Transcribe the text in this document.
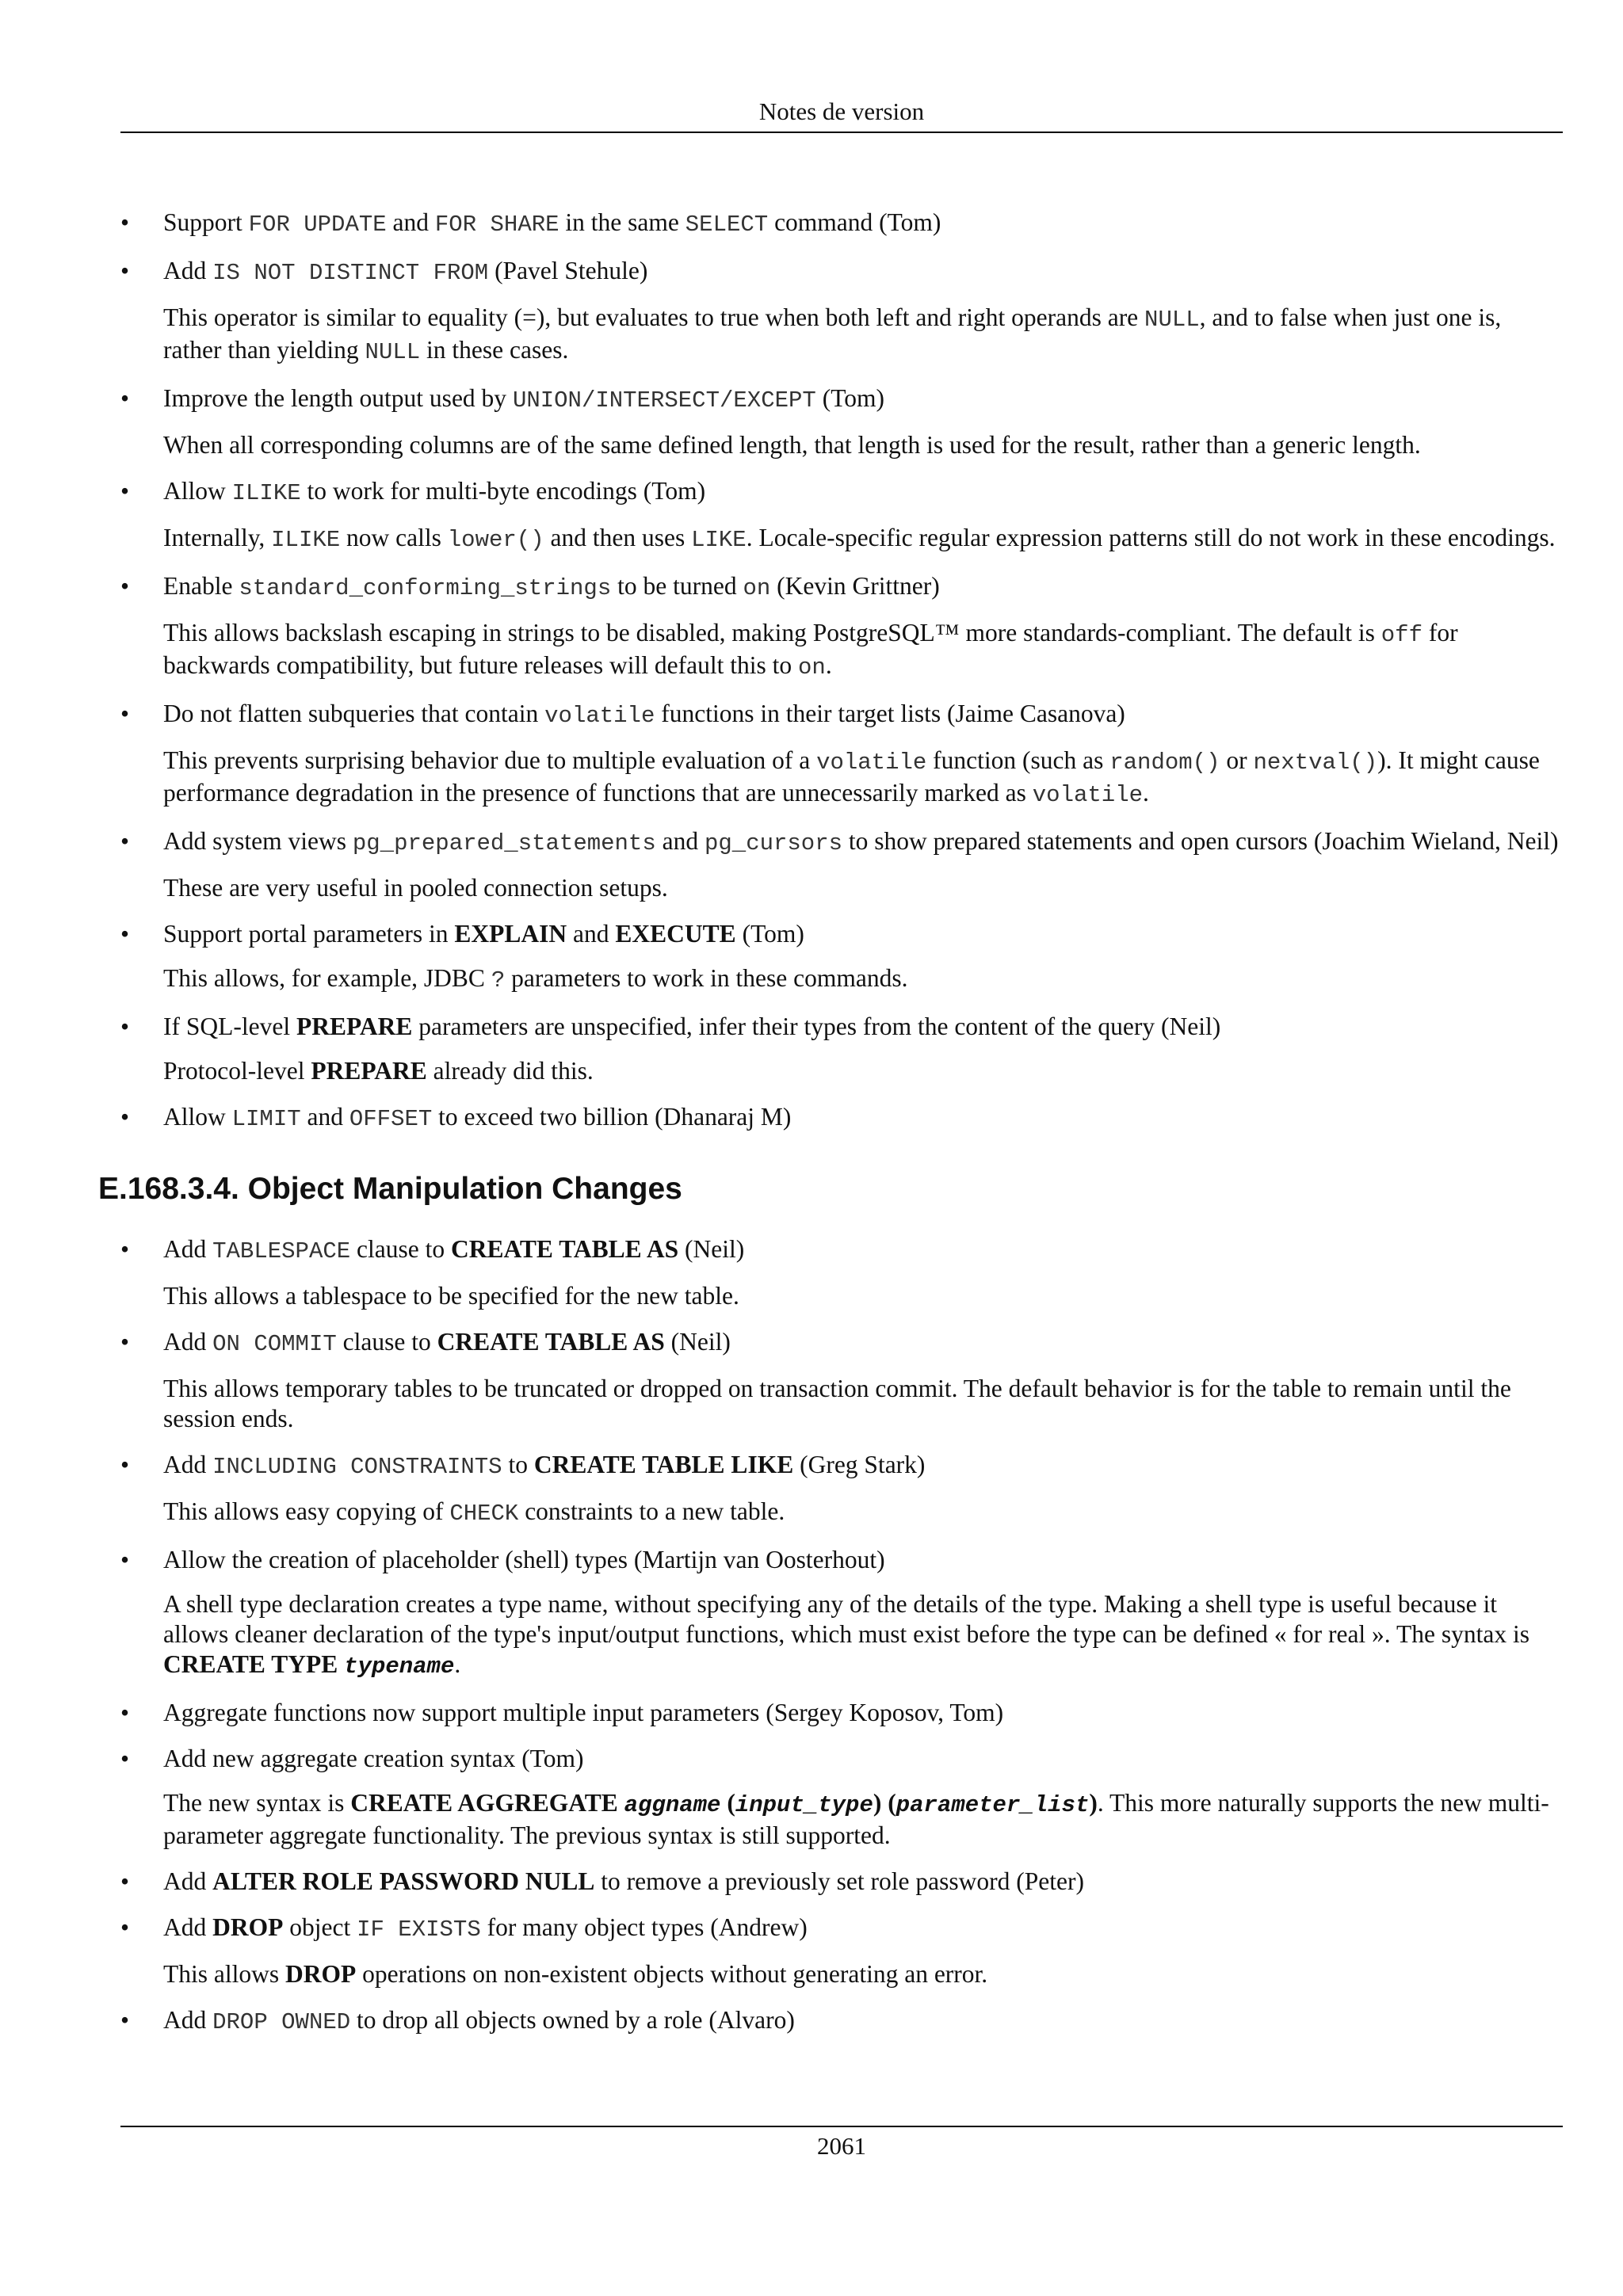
Notes de version
• Support FOR UPDATE and FOR SHARE in the same SELECT command (Tom)
• Add IS NOT DISTINCT FROM (Pavel Stehule)
This operator is similar to equality (=), but evaluates to true when both left and right operands are NULL, and to false when just one is, rather than yielding NULL in these cases.
• Improve the length output used by UNION/INTERSECT/EXCEPT (Tom)
When all corresponding columns are of the same defined length, that length is used for the result, rather than a generic length.
• Allow ILIKE to work for multi-byte encodings (Tom)
Internally, ILIKE now calls lower() and then uses LIKE. Locale-specific regular expression patterns still do not work in these encodings.
• Enable standard_conforming_strings to be turned on (Kevin Grittner)
This allows backslash escaping in strings to be disabled, making PostgreSQL™ more standards-compliant. The default is off for backwards compatibility, but future releases will default this to on.
• Do not flatten subqueries that contain volatile functions in their target lists (Jaime Casanova)
This prevents surprising behavior due to multiple evaluation of a volatile function (such as random() or nextval()). It might cause performance degradation in the presence of functions that are unnecessarily marked as volatile.
• Add system views pg_prepared_statements and pg_cursors to show prepared statements and open cursors (Joachim Wieland, Neil)
These are very useful in pooled connection setups.
• Support portal parameters in EXPLAIN and EXECUTE (Tom)
This allows, for example, JDBC ? parameters to work in these commands.
• If SQL-level PREPARE parameters are unspecified, infer their types from the content of the query (Neil)
Protocol-level PREPARE already did this.
• Allow LIMIT and OFFSET to exceed two billion (Dhanaraj M)
E.168.3.4. Object Manipulation Changes
• Add TABLESPACE clause to CREATE TABLE AS (Neil)
This allows a tablespace to be specified for the new table.
• Add ON COMMIT clause to CREATE TABLE AS (Neil)
This allows temporary tables to be truncated or dropped on transaction commit. The default behavior is for the table to remain until the session ends.
• Add INCLUDING CONSTRAINTS to CREATE TABLE LIKE (Greg Stark)
This allows easy copying of CHECK constraints to a new table.
• Allow the creation of placeholder (shell) types (Martijn van Oosterhout)
A shell type declaration creates a type name, without specifying any of the details of the type. Making a shell type is useful because it allows cleaner declaration of the type's input/output functions, which must exist before the type can be defined « for real ». The syntax is CREATE TYPE typename.
• Aggregate functions now support multiple input parameters (Sergey Koposov, Tom)
• Add new aggregate creation syntax (Tom)
The new syntax is CREATE AGGREGATE aggname (input_type) (parameter_list). This more naturally supports the new multi-parameter aggregate functionality. The previous syntax is still supported.
• Add ALTER ROLE PASSWORD NULL to remove a previously set role password (Peter)
• Add DROP object IF EXISTS for many object types (Andrew)
This allows DROP operations on non-existent objects without generating an error.
• Add DROP OWNED to drop all objects owned by a role (Alvaro)
2061
